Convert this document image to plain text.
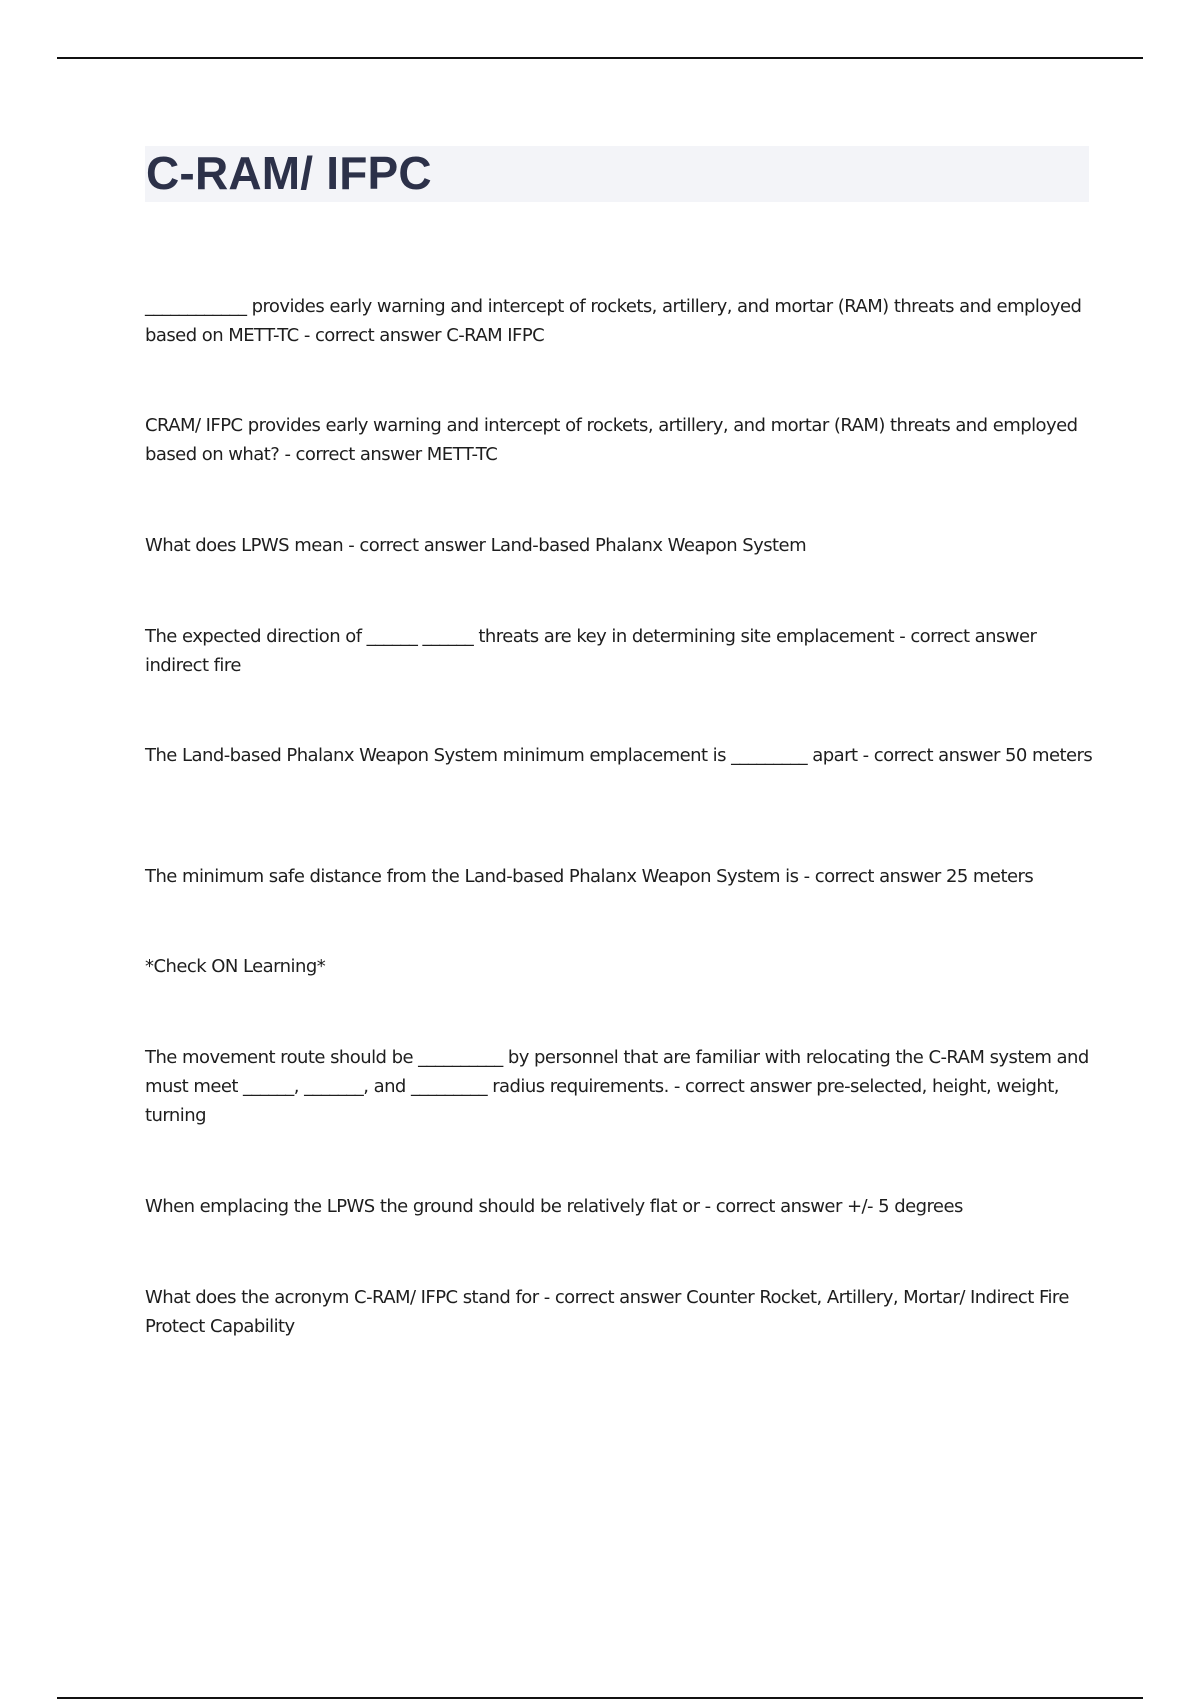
C-RAM/ IFPC
____________ provides early warning and intercept of rockets, artillery, and mortar (RAM) threats and employed based on METT-TC - correct answer C-RAM IFPC
CRAM/ IFPC provides early warning and intercept of rockets, artillery, and mortar (RAM) threats and employed based on what? - correct answer METT-TC
What does LPWS mean - correct answer Land-based Phalanx Weapon System
The expected direction of ______ ______ threats are key in determining site emplacement - correct answer indirect fire
The Land-based Phalanx Weapon System minimum emplacement is _________ apart - correct answer 50 meters
The minimum safe distance from the Land-based Phalanx Weapon System is - correct answer 25 meters
*Check ON Learning*
The movement route should be __________ by personnel that are familiar with relocating the C-RAM system and must meet ______, _______, and _________ radius requirements. - correct answer pre-selected, height, weight, turning
When emplacing the LPWS the ground should be relatively flat or - correct answer +/- 5 degrees
What does the acronym C-RAM/ IFPC stand for - correct answer Counter Rocket, Artillery, Mortar/ Indirect Fire Protect Capability
